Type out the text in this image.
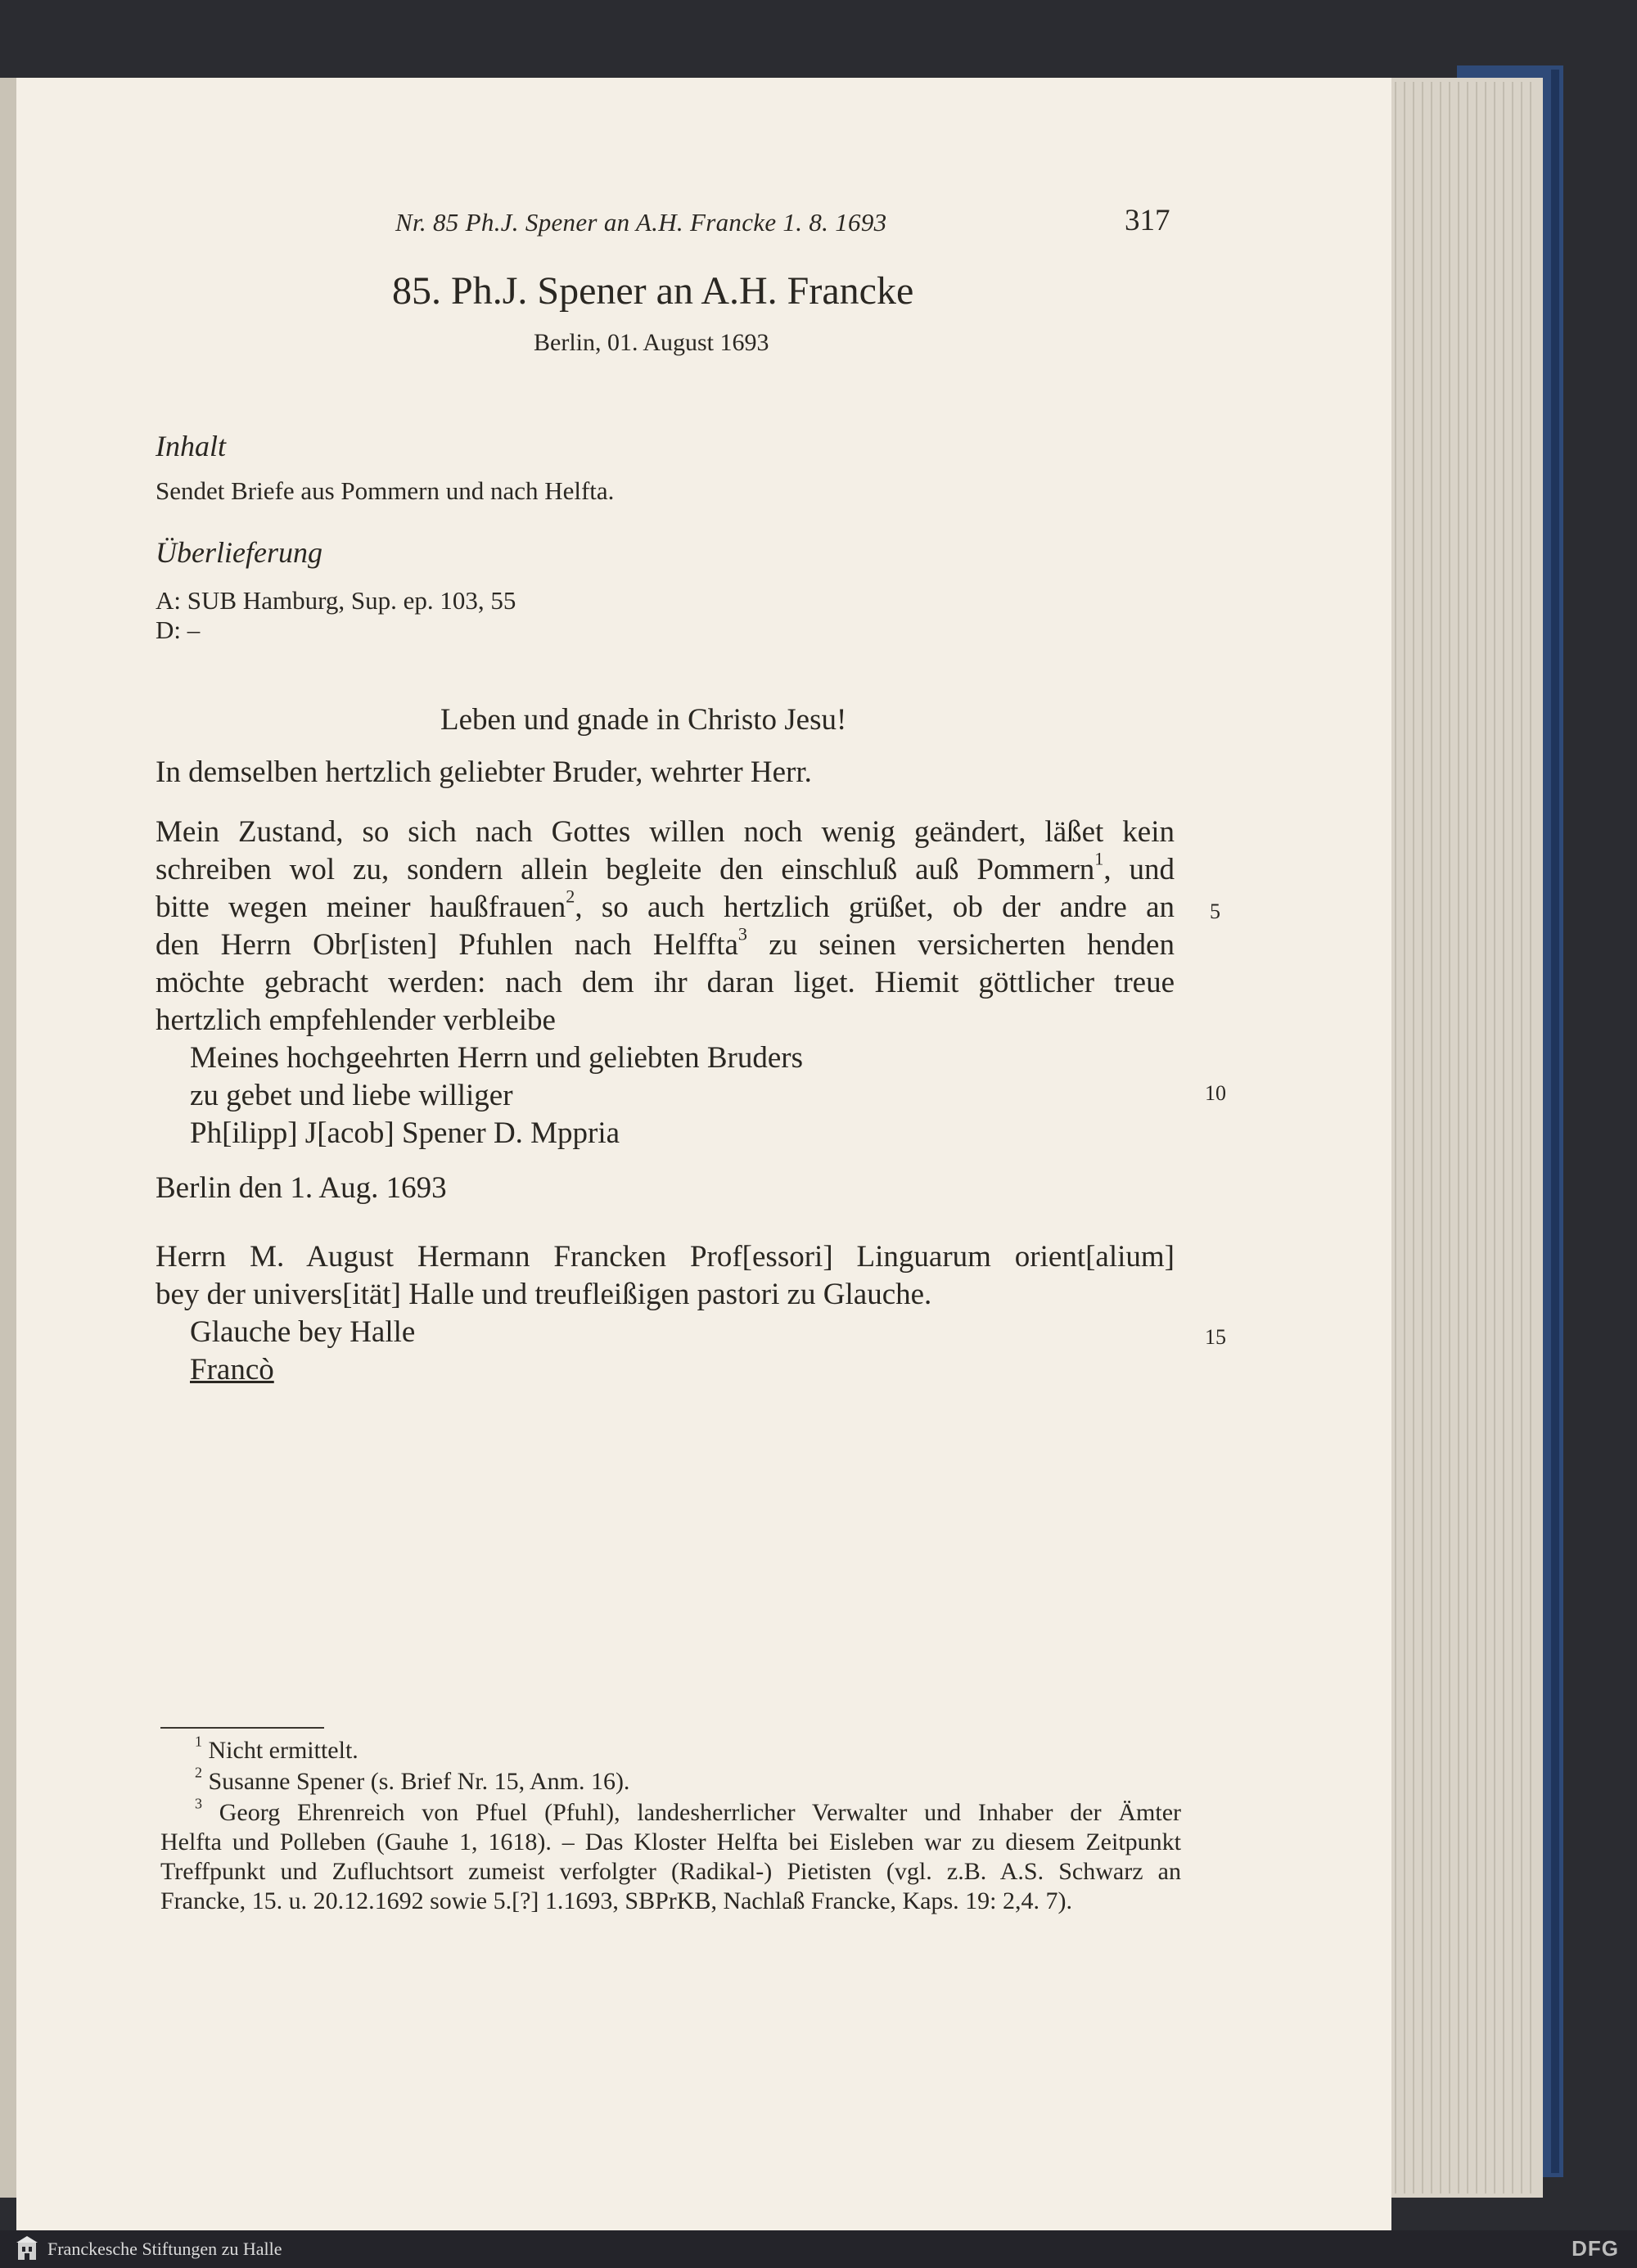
Nr. 85 Ph.J. Spener an A.H. Francke 1. 8. 1693	317
85. Ph.J. Spener an A.H. Francke
Berlin, 01. August 1693
Inhalt
Sendet Briefe aus Pommern und nach Helfta.
Überlieferung
A: SUB Hamburg, Sup. ep. 103, 55
D: –
Leben und gnade in Christo Jesu!
In demselben hertzlich geliebter Bruder, wehrter Herr.
Mein Zustand, so sich nach Gottes willen noch wenig geändert, läßet kein
schreiben wol zu, sondern allein begleite den einschluß auß Pommern$^1$, und
bitte wegen meiner haußfrauen$^2$, so auch hertzlich grüßet, ob der andre an
den Herrn Obr[isten] Pfuhlen nach Helffta$^3$ zu seinen versicherten henden
möchte gebracht werden: nach dem ihr daran liget. Hiemit göttlicher treue
hertzlich empfehlender verbleibe
Meines hochgeehrten Herrn und geliebten Bruders
zu gebet und liebe williger
Ph[ilipp] J[acob] Spener D. Mppria
Berlin den 1. Aug. 1693
Herrn M. August Hermann Francken Prof[essori] Linguarum orient[alium]
bey der univers[ität] Halle und treufleißigen pastori zu Glauche.
Glauche bey Halle
Francò
5
10
15
$^1$ Nicht ermittelt.
$^2$ Susanne Spener (s. Brief Nr. 15, Anm. 16).
$^3$ Georg Ehrenreich von Pfuel (Pfuhl), landesherrlicher Verwalter und Inhaber der Ämter
Helfta und Polleben (Gauhe 1, 1618). – Das Kloster Helfta bei Eisleben war zu diesem Zeitpunkt
Treffpunkt und Zufluchtsort zumeist verfolgter (Radikal-) Pietisten (vgl. z.B. A.S. Schwarz an
Francke, 15. u. 20.12.1692 sowie 5.[?] 1.1693, SBPrKB, Nachlaß Francke, Kaps. 19: 2,4. 7).
Franckesche Stiftungen zu Halle	DFG
